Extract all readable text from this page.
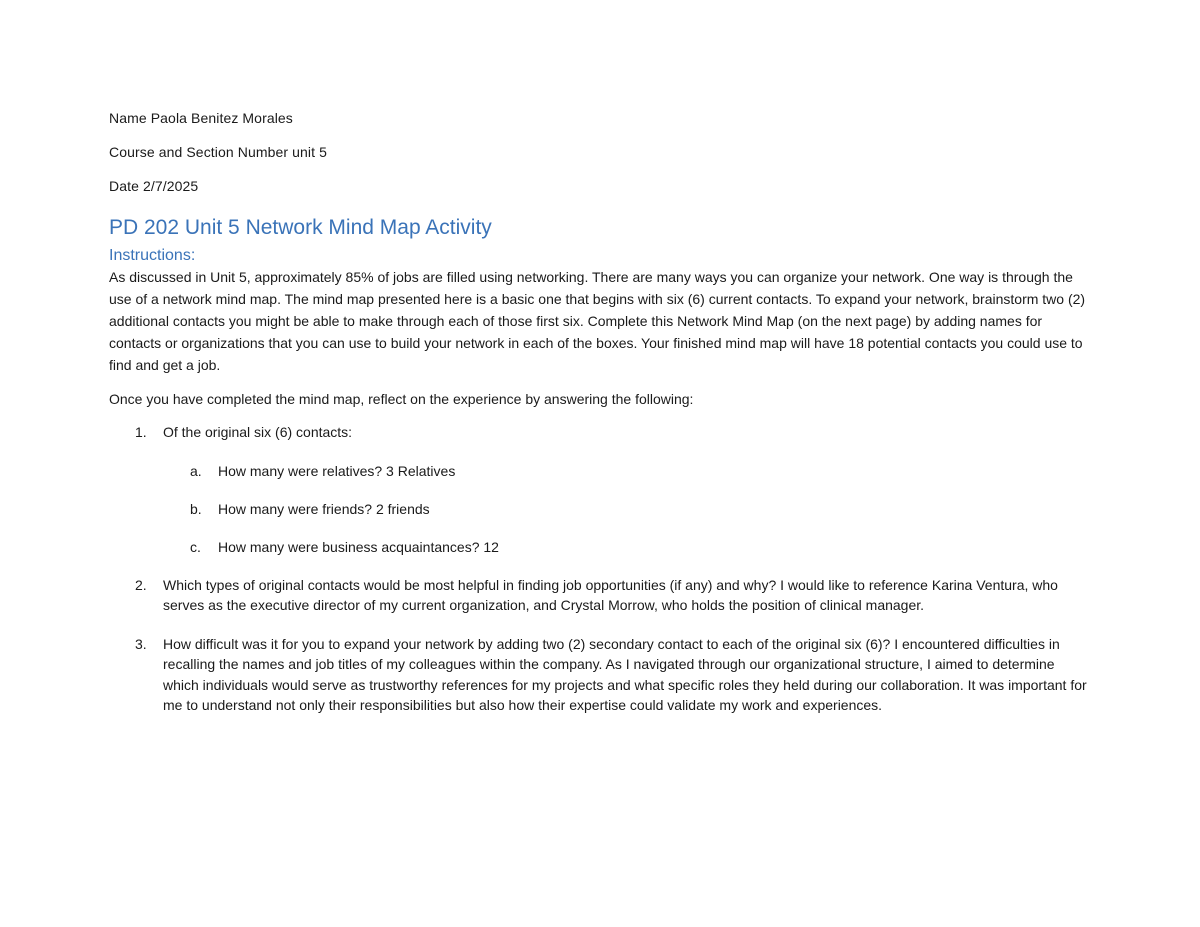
Name Paola Benitez Morales

Course and Section Number unit 5

Date 2/7/2025

PD 202 Unit 5 Network Mind Map Activity
Instructions:

As discussed in Unit 5, approximately 85% of jobs are filled using networking. There are many ways you can organize your network. One way is through the use of a network mind map. The mind map presented here is a basic one that begins with six (6) current contacts. To expand your network, brainstorm two (2) additional contacts you might be able to make through each of those first six. Complete this Network Mind Map (on the next page) by adding names for contacts or organizations that you can use to build your network in each of the boxes. Your finished mind map will have 18 potential contacts you could use to find and get a job.

Once you have completed the mind map, reflect on the experience by answering the following:

1.	Of the original six (6) contacts:
a. How many were relatives? 3 Relatives
b. How many were friends? 2 friends
c. How many were business acquaintances? 12
2.	Which types of original contacts would be most helpful in finding job opportunities (if any) and why? I would like to reference Karina Ventura, who serves as the executive director of my current organization, and Crystal Morrow, who holds the position of clinical manager.
3.	How difficult was it for you to expand your network by adding two (2) secondary contact to each of the original six (6)? I encountered difficulties in recalling the names and job titles of my colleagues within the company. As I navigated through our organizational structure, I aimed to determine which individuals would serve as trustworthy references for my projects and what specific roles they held during our collaboration. It was important for me to understand not only their responsibilities but also how their expertise could validate my work and experiences.
